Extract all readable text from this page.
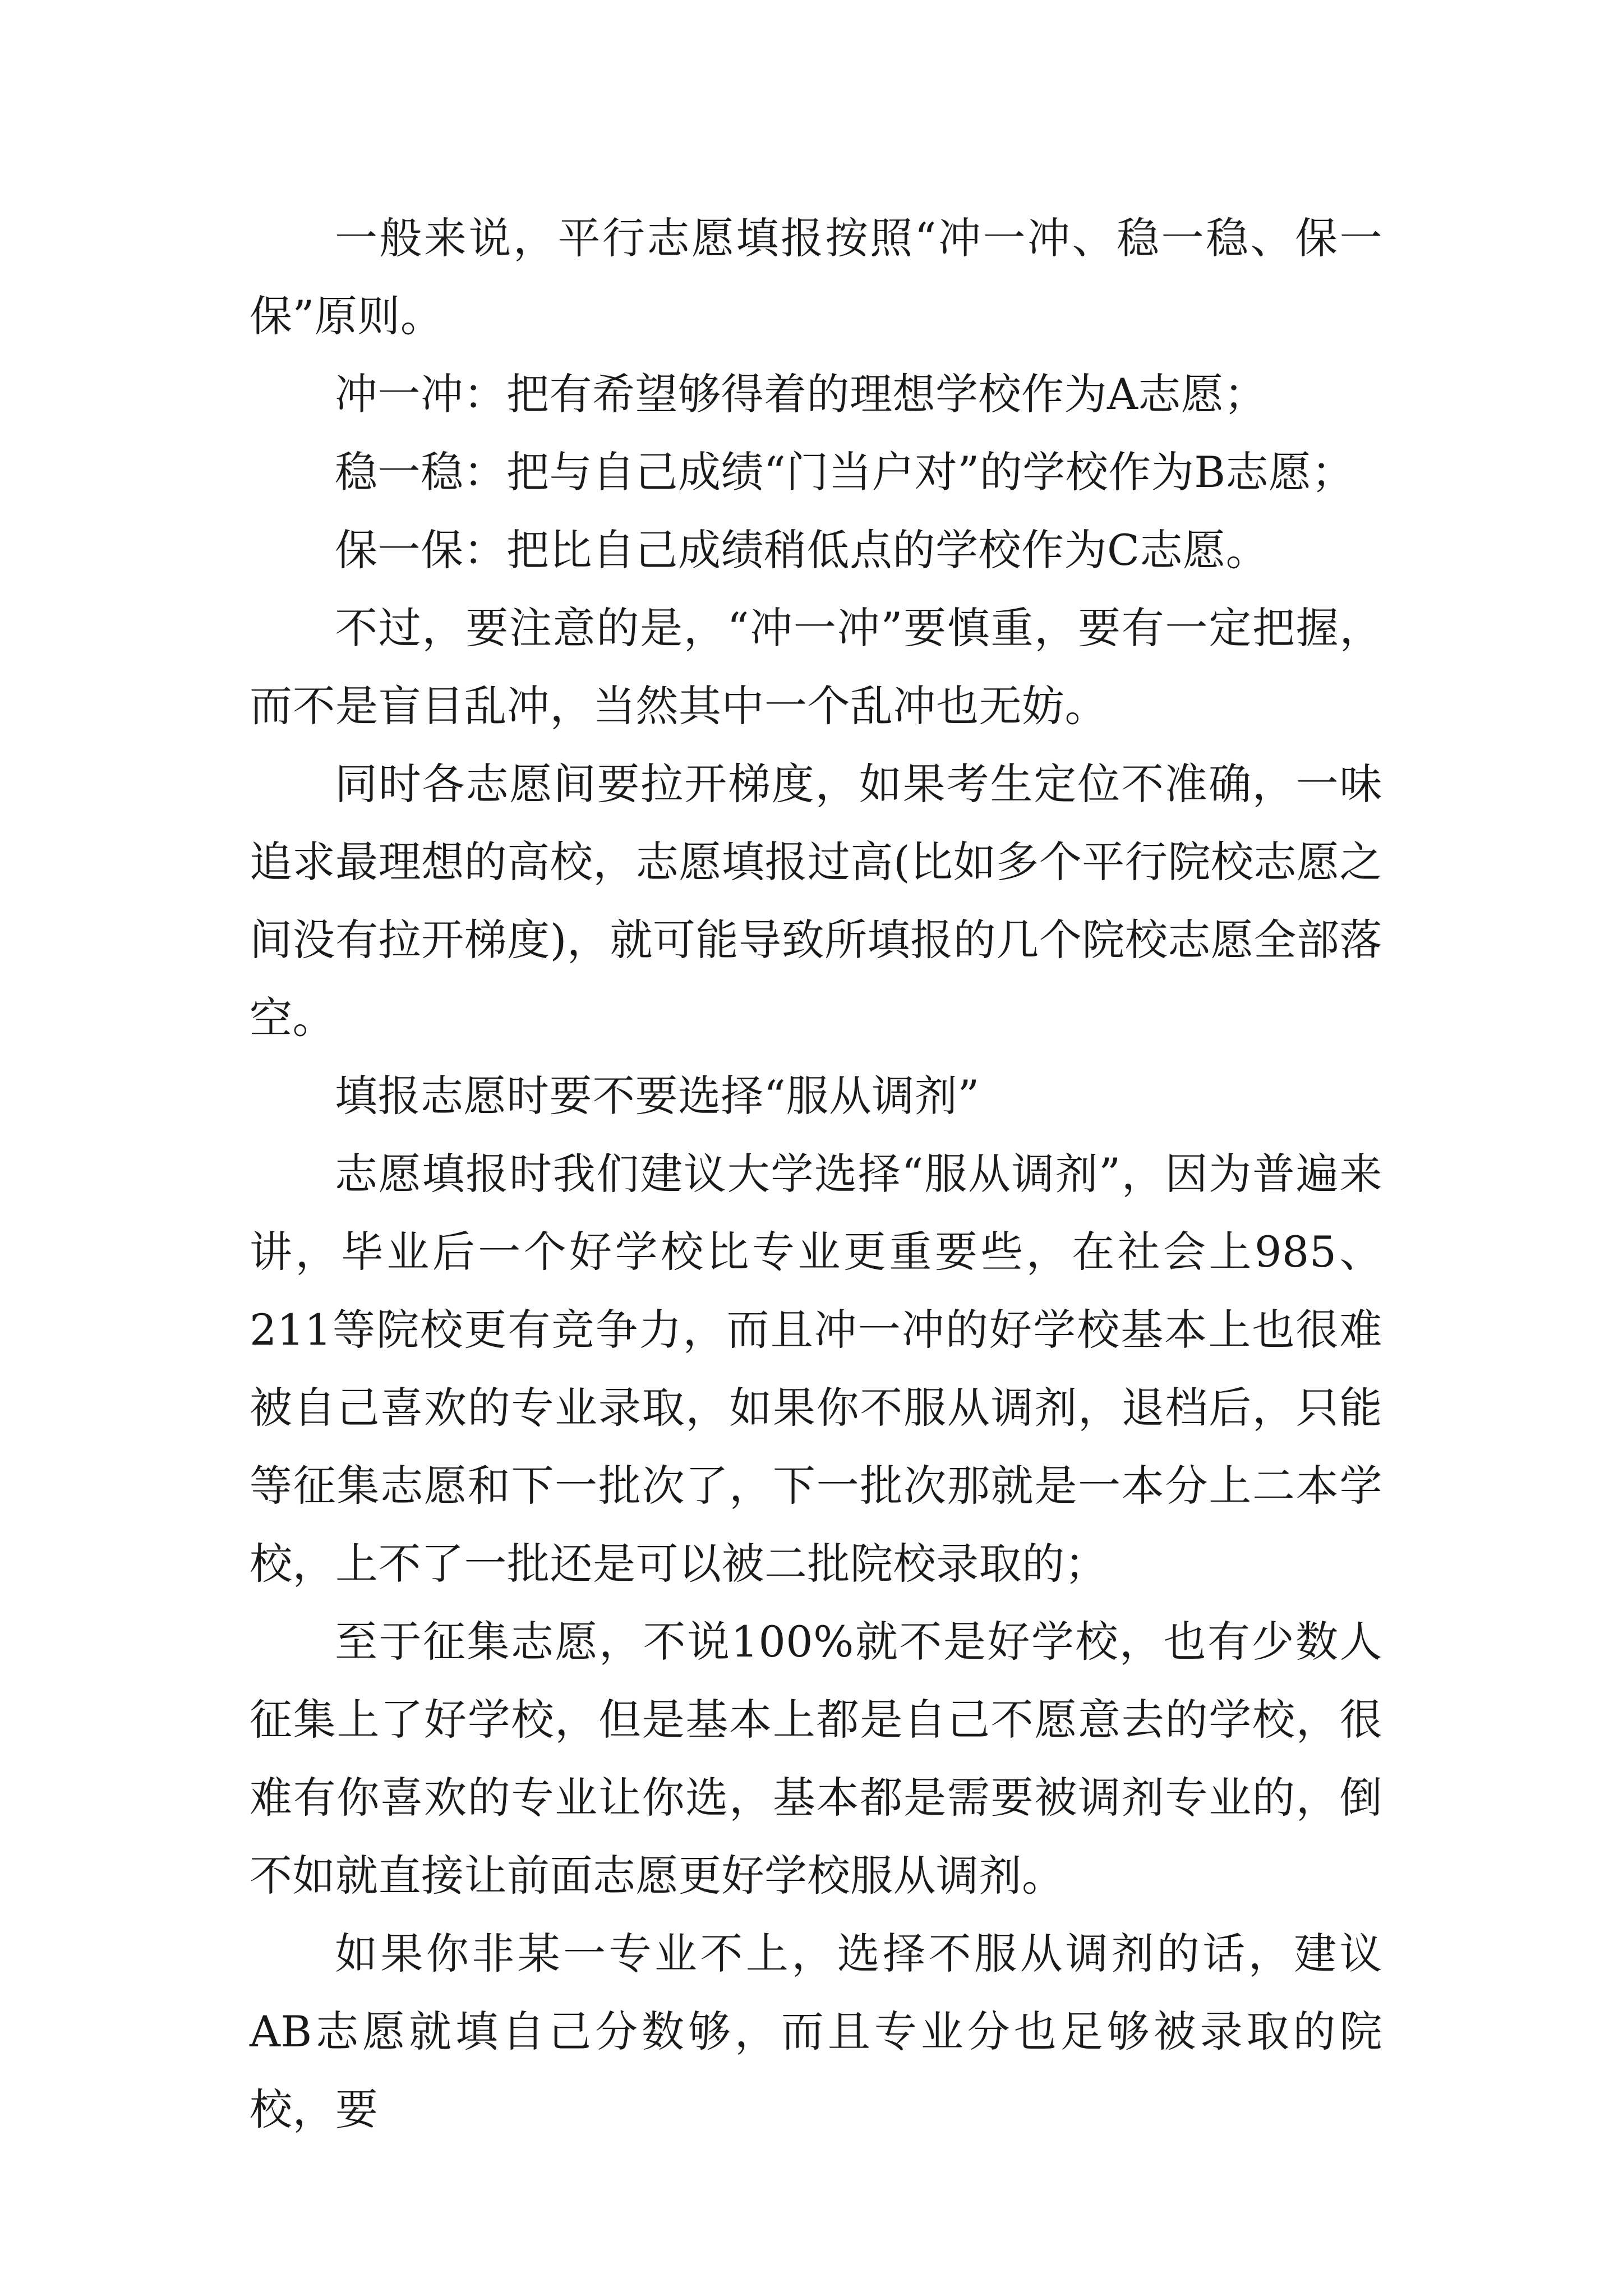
一般来说，平行志愿填报按照“冲一冲、稳一稳、保一保”原则。

冲一冲：把有希望够得着的理想学校作为A志愿；

稳一稳：把与自己成绩“门当户对”的学校作为B志愿；

保一保：把比自己成绩稍低点的学校作为C志愿。

不过，要注意的是，“冲一冲”要慎重，要有一定把握，而不是盲目乱冲，当然其中一个乱冲也无妨。

同时各志愿间要拉开梯度，如果考生定位不准确，一味追求最理想的高校，志愿填报过高(比如多个平行院校志愿之间没有拉开梯度)，就可能导致所填报的几个院校志愿全部落空。

填报志愿时要不要选择“服从调剂”

志愿填报时我们建议大学选择“服从调剂”，因为普遍来讲，毕业后一个好学校比专业更重要些，在社会上985、211等院校更有竞争力，而且冲一冲的好学校基本上也很难被自己喜欢的专业录取，如果你不服从调剂，退档后，只能等征集志愿和下一批次了，下一批次那就是一本分上二本学校，上不了一批还是可以被二批院校录取的；

至于征集志愿，不说100%就不是好学校，也有少数人征集上了好学校，但是基本上都是自己不愿意去的学校，很难有你喜欢的专业让你选，基本都是需要被调剂专业的，倒不如就直接让前面志愿更好学校服从调剂。

如果你非某一专业不上，选择不服从调剂的话，建议AB志愿就填自己分数够，而且专业分也足够被录取的院校，要
